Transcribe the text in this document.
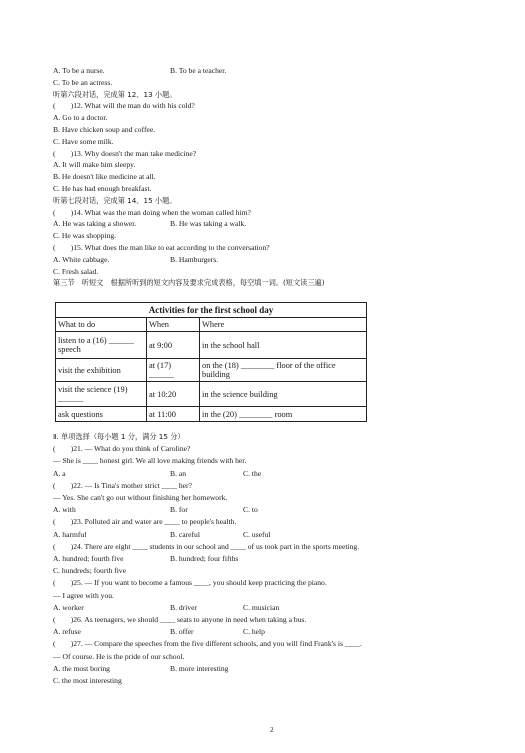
A. To be a nurse.	B. To be a teacher.
C. To be an actress.
听第六段对话，完成第 12、13 小题。
(　　)12. What will the man do with his cold?
A. Go to a doctor.
B. Have chicken soup and coffee.
C. Have some milk.
(　　)13. Why doesn't the man take medicine?
A. It will make him sleepy.
B. He doesn't like medicine at all.
C. He has had enough breakfast.
听第七段对话，完成第 14、15 小题。
(　　)14. What was the man doing when the woman called him?
A. He was taking a shower.	B. He was taking a walk.
C. He was shopping.
(　　)15. What does the man like to eat according to the conversation?
A. White cabbage.	B. Hamburgers.
C. Fresh salad.
第三节　听短文　根据所听到的短文内容及要求完成表格，每空填一词。(短文读三遍)
Activities for the first school day		
What to do	When	Where
listen to a (16) ______ speech	at 9:00	in the school hall
visit the exhibition	at (17) ______	on the (18) ________ floor of the office building
visit the science (19) ______	at 10:20	in the science building
ask questions	at 11:00	in the (20) ________ room
Ⅱ. 单项选择（每小题 1 分，满分 15 分）
(　　)21. — What do you think of Caroline?
— She is ____ honest girl. We all love making friends with her.
A. a	B. an	C. the
(　　)22. — Is Tina's mother strict ____ her?
— Yes. She can't go out without finishing her homework.
A. with	B. for	C. to
(　　)23. Polluted air and water are ____ to people's health.
A. harmful	B. careful	C. useful
(　　)24. There are eight ____ students in our school and ____ of us took part in the sports meeting.
A. hundred; fourth five	B. hundred; four fifths
C. hundreds; fourth five
(　　)25. — If you want to become a famous ____, you should keep practicing the piano.
— I agree with you.
A. worker	B. driver	C. musician
(　　)26. As teenagers, we should ____ seats to anyone in need when taking a bus.
A. refuse	B. offer	C. help
(　　)27. — Compare the speeches from the five different schools, and you will find Frank's is ____.
— Of course. He is the pride of our school.
A. the most boring	B. more interesting
C. the most interesting
2
